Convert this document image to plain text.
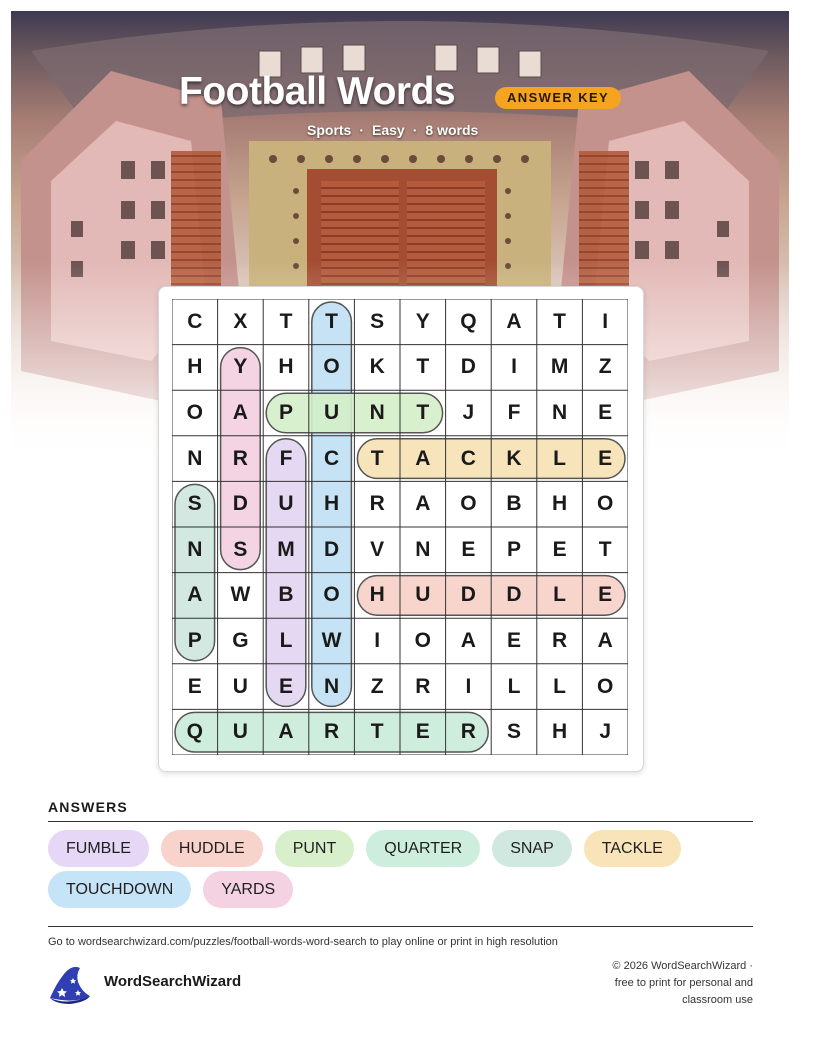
Football Words	ANSWER KEY
Sports · Easy · 8 words
C	X	T	T	S	Y	Q	A	T	I
H	Y	H	O	K	T	D	I	M	Z
O	A	P	U	N	T	J	F	N	E
N	R	F	C	T	A	C	K	L	E
S	D	U	H	R	A	O	B	H	O
N	S	M	D	V	N	E	P	E	T
A	W	B	O	H	U	D	D	L	E
P	G	L	W	I	O	A	E	R	A
E	U	E	N	Z	R	I	L	L	O
Q	U	A	R	T	E	R	S	H	J
ANSWERS
FUMBLE	HUDDLE	PUNT	QUARTER	SNAP	TACKLE
TOUCHDOWN	YARDS
Go to wordsearchwizard.com/puzzles/football-words-word-search to play online or print in high resolution
WordSearchWizard
© 2026 WordSearchWizard · free to print for personal and classroom use
